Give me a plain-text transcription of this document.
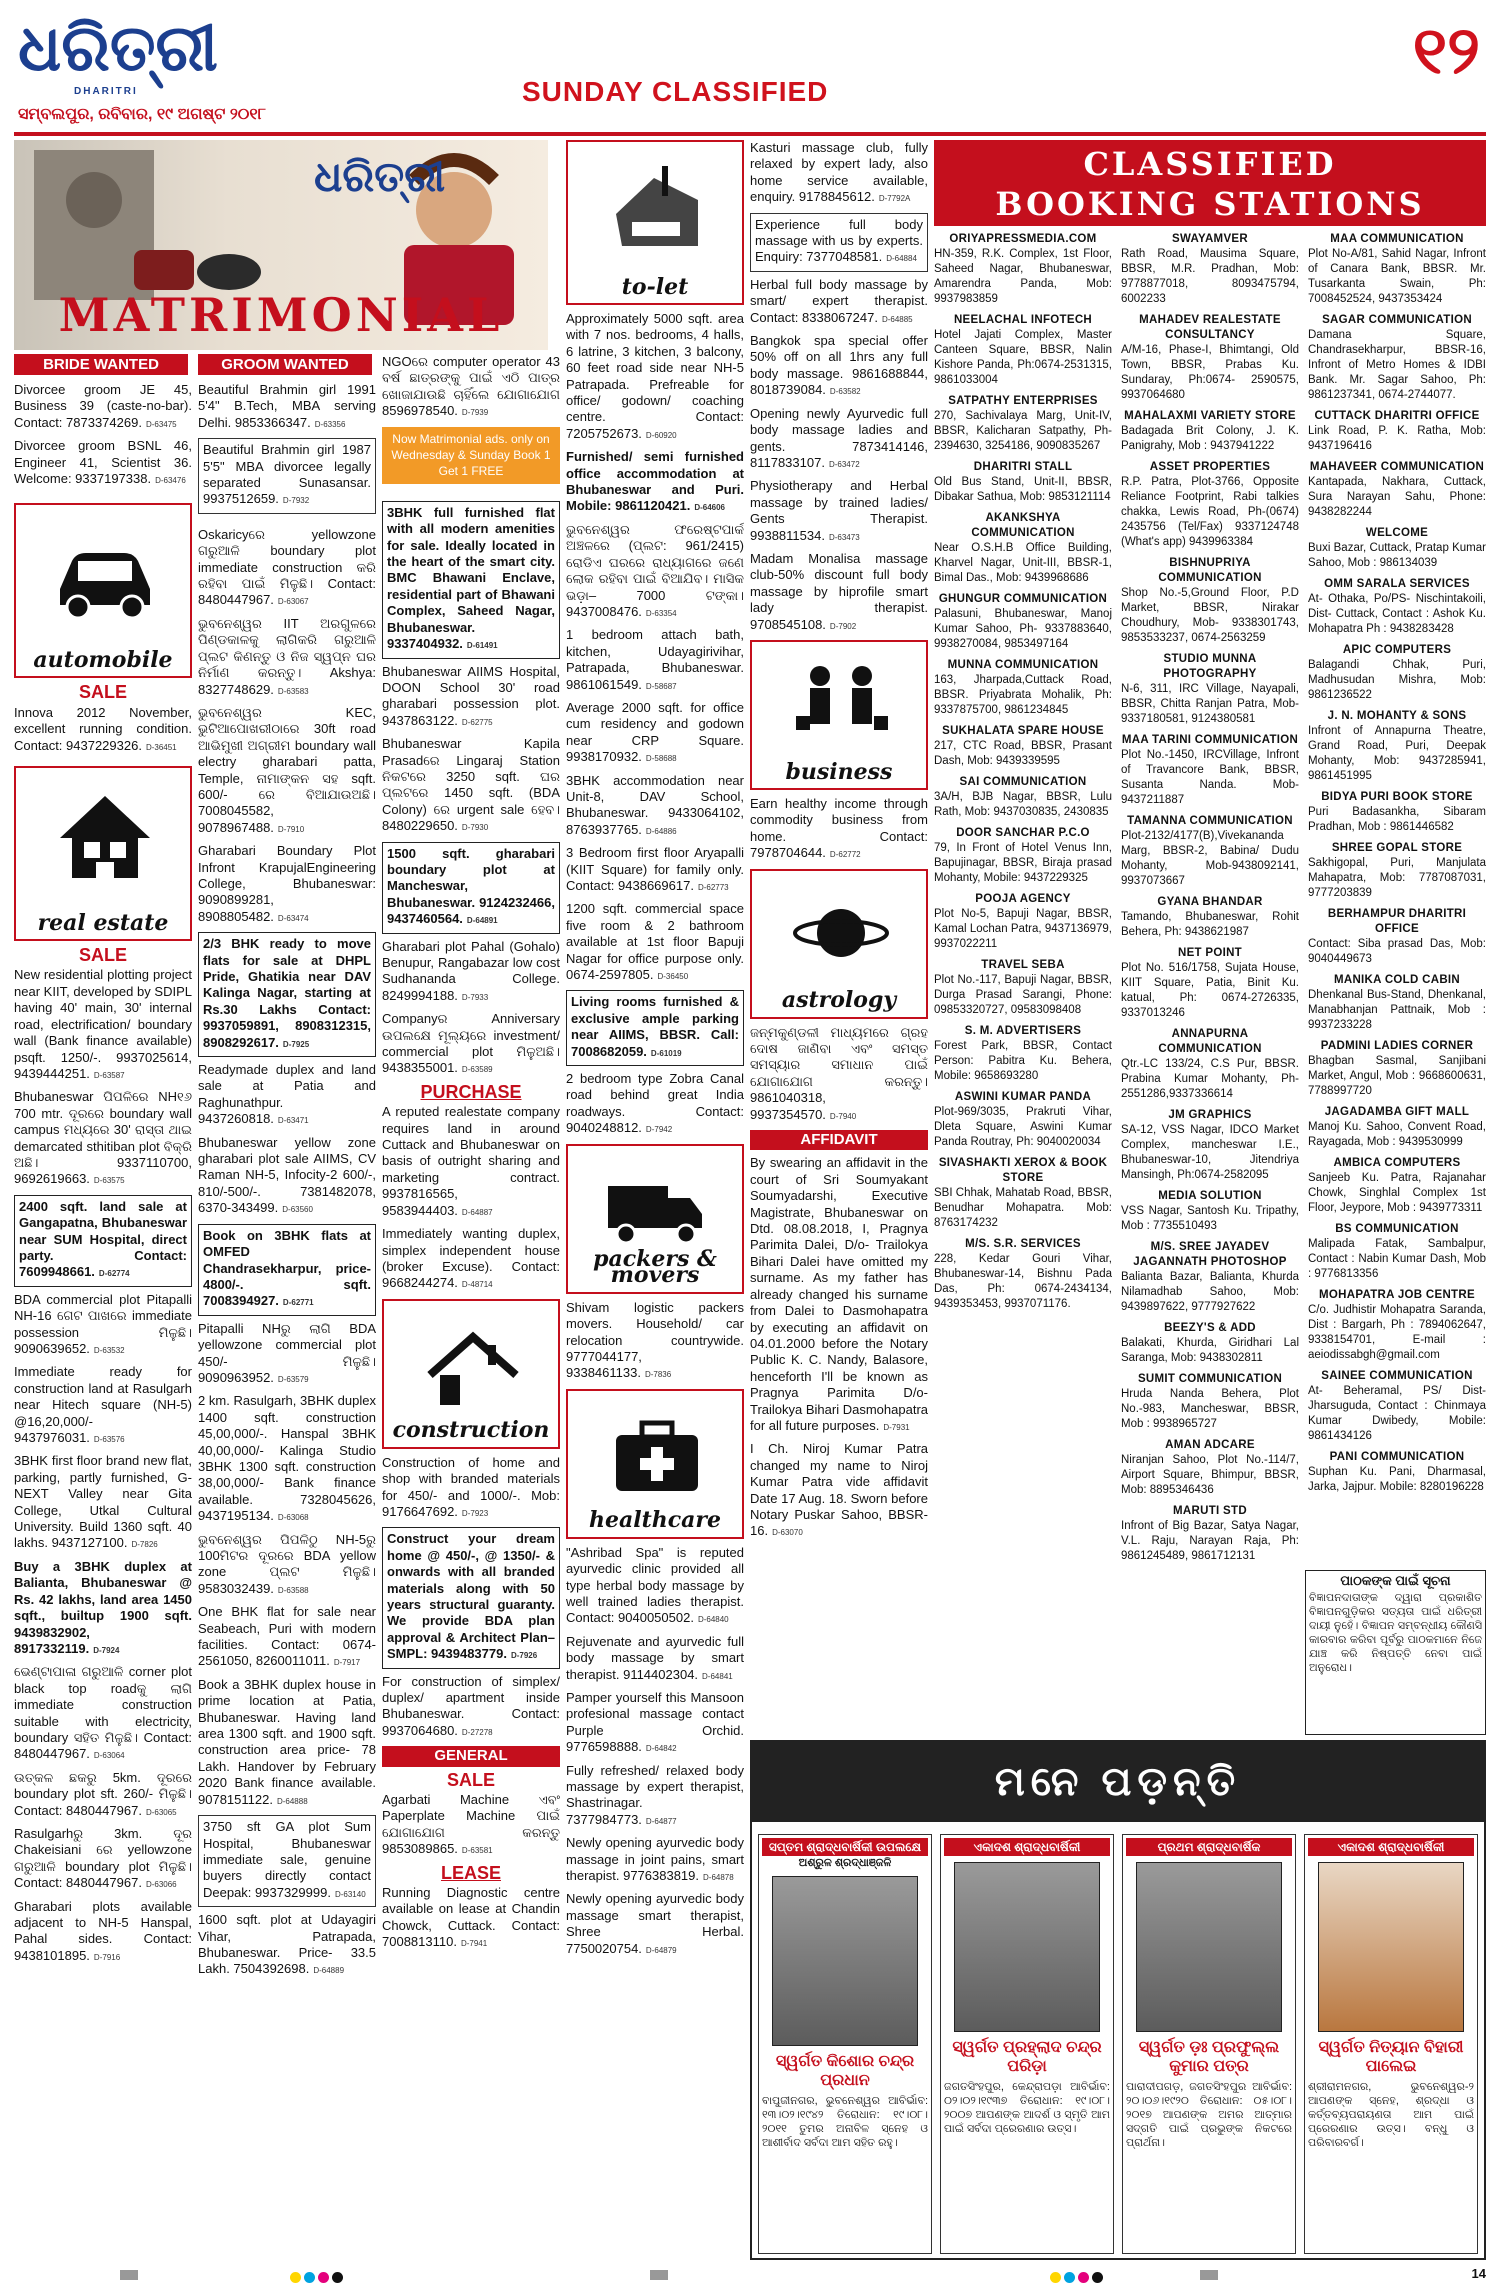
ଧରିତ୍ରୀ
DHARITRI
ସମ୍ବଲପୁର, ରବିବାର, ୧୯ ଅଗଷ୍ଟ ୨୦୧୮
SUNDAY CLASSIFIED
୧୨
ଧରିତ୍ରୀ
MATRIMONIAL
BRIDE WANTED	GROOM WANTED
Divorcee groom JE 45, Business 39 (caste-no-bar). Contact: 7873374269. D-63475
Divorcee groom BSNL 46, Engineer 41, Scientist 36. Welcome: 9337197338. D-63476
automobile
SALE
Innova 2012 November, excellent running condition. Contact: 9437229326. D-36451
real estate
SALE
New residential plotting project near KIIT, developed by SDIPL having 40' main, 30' internal road, electrification/ boundary wall (Bank finance available) psqft. 1250/-. 9937025614, 9439444251. D-63587
Bhubaneswar ପିପଳିରେ NH୧୬ 700 mtr. ଦୂରରେ boundary wall campus ମଧ୍ୟରେ 30' ରାସ୍ତା ଥାଇ demarcated sthitiban plot ବିକ୍ରି ଅଛି। 9337110700, 9692619663. D-63575
2400 sqft. land sale at Gangapatna, Bhubaneswar near SUM Hospital, direct party. Contact: 7609948661. D-62774
BDA commercial plot Pitapalli NH-16 ଗେଟ ପାଖରେ immediate possession ମିଳୁଛି। 9090639652. D-63532
Immediate ready for construction land at Rasulgarh near Hitech square (NH-5) @16,20,000/- 9437976031. D-63576
3BHK first floor brand new flat, parking, partly furnished, G-NEXT Valley near Gita College, Utkal Cultural University. Build 1360 sqft. 40 lakhs. 9437127100. D-7826
Buy a 3BHK duplex at Balianta, Bhubaneswar @ Rs. 42 lakhs, land area 1450 sqft., builtup 1900 sqft. 9439832902, 8917332119. D-7924
ଭେଣ୍ଟାପାଳା ଗରୁଆଳି corner plot black top roadକୁ ଲାଗି immediate construction suitable with electricity, boundary ସହିତ ମିଳୁଛି। Contact: 8480447967. D-63064
ଉତ୍କଳ ଛକରୁ 5km. ଦୂରରେ boundary plot sft. 260/- ମିଳୁଛି। Contact: 8480447967. D-63065
Rasulgarhରୁ 3km. ଦୂର Chakeisiani ରେ yellowzone ଗରୁଆଳି boundary plot ମିଳୁଛି। Contact: 8480447967. D-63066
Gharabari plots available adjacent to NH-5 Hanspal, Pahal sides. Contact: 9438101895. D-7916
Beautiful Brahmin girl 1991 5'4" B.Tech, MBA serving Delhi. 9853366347. D-63356
Beautiful Brahmin girl 1987 5'5" MBA divorcee legally separated Sunasansar. 9937512659. D-7932
Oskaricyରେ yellowzone ଗରୁଆଳି boundary plot immediate construction କରି ରହିବା ପାଇଁ ମିଳୁଛି। Contact: 8480447967. D-63067
ଭୁବନେଶ୍ୱର IIT ଅରଗୁଳରେ ପିଣ୍ଡକାଳକୁ ଲାଗିକରି ଗରୁଆଳି ପ୍ଲଟ କିଣନ୍ତୁ ଓ ନିଜ ସ୍ୱପ୍ନ ଘର ନିର୍ମାଣ କରନ୍ତୁ। Akshya: 8327748629. D-63583
ଭୁବନେଶ୍ୱର KEC, ଭୁଟିଆପୋଖରୀଠାରେ 30ft road ଆଭିମୁଖୀ ଅଗ୍ରୀମ boundary wall electry gharabari patta, Temple, ନାମାଙ୍କନ ସହ sqft. 600/- ରେ ବିଆଯାଉଅଛି। 7008045582, 9078967488. D-7910
Gharabari Boundary Plot Infront KrapujalEngineering College, Bhubaneswar: 9090899281, 8908805482. D-63474
2/3 BHK ready to move flats for sale at DHPL Pride, Ghatikia near DAV Kalinga Nagar, starting at Rs.30 Lakhs Contact: 9937059891, 8908312315, 8908292617. D-7925
Readymade duplex and land sale at Patia and Raghunathpur. 9437260818. D-63471
Bhubaneswar yellow zone gharabari plot sale AIIMS, CV Raman NH-5, Infocity-2 600/-, 810/-500/-. 7381482078, 6370-343499. D-63560
Book on 3BHK flats at OMFED Chandrasekharpur, price- 4800/-. sqft. 7008394927. D-62771
Pitapalli NHରୁ ଲାଗି BDA yellowzone commercial plot 450/- ମିଳୁଛି। 9090963952. D-63579
2 km. Rasulgarh, 3BHK duplex 1400 sqft. construction 45,00,000/-. Hanspal 3BHK 40,00,000/- Kalinga Studio 3BHK 1300 sqft. construction 38,00,000/- Bank finance available. 7328045626, 9437195134. D-63068
ଭୁବନେଶ୍ୱର ପିପଳିଠୁ NH-5ରୁ 100ମିଟର ଦୂରରେ BDA yellow zone ପ୍ଲଟ ମିଳୁଛି। 9583032439. D-63588
One BHK flat for sale near Seabeach, Puri with modern facilities. Contact: 0674-2561050, 8260011011. D-7917
Book a 3BHK duplex house in prime location at Patia, Bhubaneswar. Having land area 1300 sqft. and 1900 sqft. construction area price- 78 Lakh. Handover by February 2020 Bank finance available. 9078151122. D-64888
3750 sft GA plot Sum Hospital, Bhubaneswar immediate sale, genuine buyers directly contact Deepak: 9937329999. D-63140
1600 sqft. plot at Udayagiri Vihar, Patrapada, Bhubaneswar. Price- 33.5 Lakh. 7504392698. D-64889
NGOରେ computer operator 43 ବର୍ଷ ଛାତ୍ରଙ୍କୁ ପାଇଁ ଏଠି ପାତ୍ର ଖୋଜାଯାଉଛି ଚାହିଁଲେ ଯୋଗାଯୋଗ 8596978540. D-7939
Now Matrimonial ads. only on Wednesday & Sunday Book 1 Get 1 FREE
3BHK full furnished flat with all modern amenities for sale. Ideally located in the heart of the smart city. BMC Bhawani Enclave, residential part of Bhawani Complex, Saheed Nagar, Bhubaneswar. 9337404932. D-61491
Bhubaneswar AIIMS Hospital, DOON School 30' road gharabari possession plot. 9437863122. D-62775
Bhubaneswar Kapila Prasadରେ Lingaraj Station ନିକଟରେ 3250 sqft. ଘର ପ୍ଲଟରେ 1450 sqft. (BDA Colony) ରେ urgent sale ହେବ। 8480229650. D-7930
1500 sqft. gharabari boundary plot at Mancheswar, Bhubaneswar. 9124232466, 9437460564. D-64891
Gharabari plot Pahal (Gohalo) Benupur, Rangabazar low cost Sudhananda College. 8249994188. D-7933
Companyର Anniversary ଉପଲକ୍ଷେ ମୂଲ୍ୟରେ investment/ commercial plot ମିଳୁଅଛି। 9438355001. D-63589
PURCHASE
A reputed realestate company requires land in around Cuttack and Bhubaneswar on basis of outright sharing and marketing contract. 9937816565, 9583944403. D-64887
Immediately wanting duplex, simplex independent house (broker Excuse). Contact: 9668244274. D-48714
construction
Construction of home and shop with branded materials for 450/- and 1000/-. Mob: 9176647692. D-7923
Construct your dream home @ 450/-, @ 1350/- & onwards with all branded materials along with 50 years structural guaranty. We provide BDA plan approval & Architect Plan– SMPL: 9439483779. D-7926
For construction of simplex/ duplex/ apartment inside Bhubaneswar. Contact: 9937064680. D-27278
GENERAL
SALE
Agarbati Machine ଏବଂ Paperplate Machine ପାଇଁ ଯୋଗାଯୋଗ କରନ୍ତୁ 9853089865. D-63581
LEASE
Running Diagnostic centre available on lease at Chandin Chowck, Cuttack. Contact: 7008813110. D-7941
to-let
Approximately 5000 sqft. area with 7 nos. bedrooms, 4 halls, 6 latrine, 3 kitchen, 3 balcony, 60 feet road side near NH-5 Patrapada. Prefreable for office/ godown/ coaching centre. Contact: 7205752673. D-60920
Furnished/ semi furnished office accommodation at Bhubaneswar and Puri. Mobile: 9861120421. D-64606
ଭୁବନେଶ୍ୱର ଫରେଷ୍ଟପାର୍କ ଅଞ୍ଚଳରେ (ପ୍ଲଟ: 961/2415) ରୋଡିଏ ଘରରେ ରାଧ୍ୟାଗରେ ଜଣେ ଲୋକ ରହିବା ପାଇଁ ବିଆଯିବ। ମାସିକ ଭଡ଼ା– 7000 ଟଙ୍କା। 9437008476. D-63354
1 bedroom attach bath, kitchen, Udayagirivihar, Patrapada, Bhubaneswar. 9861061549. D-58687
Average 2000 sqft. for office cum residency and godown near CRP Square. 9938170932. D-58688
3BHK accommodation near Unit-8, DAV School, Bhubaneswar. 9433064102, 8763937765. D-64886
3 Bedroom first floor Aryapalli (KIIT Square) for family only. Contact: 9438669617. D-62773
1200 sqft. commercial space five room & 2 bathroom available at 1st floor Bapuji Nagar for office purpose only. 0674-2597805. D-36450
Living rooms furnished & exclusive ample parking near AIIMS, BBSR. Call: 7008682059. D-61019
2 bedroom type Zobra Canal road behind great India roadways. Contact: 9040248812. D-7942
packers & movers
Shivam logistic packers movers. Household/ car relocation countrywide. 9777044177, 9338461133. D-7836
healthcare
"Ashribad Spa" is reputed ayurvedic clinic provided all type herbal body massage by well trained ladies therapist. Contact: 9040050502. D-64840
Rejuvenate and ayurvedic full body massage by smart therapist. 9114402304. D-64841
Pamper yourself this Mansoon profesional massage contact Purple Orchid. 9776598888. D-64842
Fully refreshed/ relaxed body massage by expert therapist, Shastrinagar. 7377984773. D-64877
Newly opening ayurvedic body massage in joint pains, smart therapist. 9776383819. D-64878
Newly opening ayurvedic body massage smart therapist, Shree Herbal. 7750020754. D-64879
Kasturi massage club, fully relaxed by expert lady, also home service available, enquiry. 9178845612. D-7792A
Experience full body massage with us by experts. Enquiry: 7377048581. D-64884
Herbal full body massage by smart/ expert therapist. Contact: 8338067247. D-64885
Bangkok spa special offer 50% off on all 1hrs any full body massage. 9861688844, 8018739084. D-63582
Opening newly Ayurvedic full body massage ladies and gents. 7873414146, 8117833107. D-63472
Physiotherapy and Herbal massage by trained ladies/ Gents Therapist. 9938811534. D-63473
Madam Monalisa massage club-50% discount full body massage by hiprofile smart lady therapist. 9708545108. D-7902
business
Earn healthy income through commodity business from home. Contact: 7978704644. D-62772
astrology
ଜନ୍ମକୁଣ୍ଡଳୀ ମାଧ୍ୟମରେ ଗ୍ରହ ଦୋଷ ଜାଣିବା ଏବଂ ସମସ୍ତ ସମସ୍ୟାର ସମାଧାନ ପାଇଁ ଯୋଗାଯୋଗ କରନ୍ତୁ। 9861040318, 9937354570. D-7940
AFFIDAVIT
By swearing an affidavit in the court of Sri Soumyakant Soumyadarshi, Executive Magistrate, Bhubaneswar on Dtd. 08.08.2018, I, Pragnya Parimita Dalei, D/o- Trailokya Bihari Dalei have omitted my surname. As my father has already changed his surname from Dalei to Dasmohapatra by executing an affidavit on 04.01.2000 before the Notary Public K. C. Nandy, Balasore, henceforth I'll be known as Pragnya Parimita D/o- Trailokya Bihari Dasmohapatra for all future purposes. D-7931
I Ch. Niroj Kumar Patra changed my name to Niroj Kumar Patra vide affidavit Date 17 Aug. 18. Sworn before Notary Puskar Sahoo, BBSR-16. D-63070
CLASSIFIED
BOOKING STATIONS
ORIYAPRESSMEDIA.COM
HN-359, R.K. Complex, 1st Floor, Saheed Nagar, Bhubaneswar, Amarendra Panda, Mob: 9937983859
NEELACHAL INFOTECH
Hotel Jajati Complex, Master Canteen Square, BBSR, Nalin Kishore Panda, Ph:0674-2531315, 9861033004
SATPATHY ENTERPRISES
270, Sachivalaya Marg, Unit-IV, BBSR, Kalicharan Satpathy, Ph- 2394630, 3254186, 9090835267
DHARITRI STALL
Old Bus Stand, Unit-II, BBSR, Dibakar Sathua, Mob: 9853121114
AKANKSHYA COMMUNICATION
Near O.S.H.B Office Building, Kharvel Nagar, Unit-III, BBSR-1, Bimal Das., Mob: 9439968686
GHUNGUR COMMUNICATION
Palasuni, Bhubaneswar, Manoj Kumar Sahoo, Ph- 9337883640, 9938270084, 9853497164
MUNNA COMMUNICATION
163, Jharpada,Cuttack Road, BBSR. Priyabrata Mohalik, Ph: 9337875700, 9861234845
SUKHALATA SPARE HOUSE
217, CTC Road, BBSR, Prasant Dash, Mob: 9439339595
SAI COMMUNICATION
3A/H, BJB Nagar, BBSR, Lulu Rath, Mob: 9437030835, 2430835
DOOR SANCHAR P.C.O
79, In Front of Hotel Venus Inn, Bapujinagar, BBSR, Biraja prasad Mohanty, Mobile: 9437229325
POOJA AGENCY
Plot No-5, Bapuji Nagar, BBSR, Kamal Lochan Patra, 9437136979, 9937022211
TRAVEL SEBA
Plot No.-117, Bapuji Nagar, BBSR, Durga Prasad Sarangi, Phone: 09853320727, 09583098408
S. M. ADVERTISERS
Forest Park, BBSR, Contact Person: Pabitra Ku. Behera, Mobile: 9658693280
ASWINI KUMAR PANDA
Plot-969/3035, Prakruti Vihar, Dleta Square, Aswini Kumar Panda Routray, Ph: 9040020034
SIVASHAKTI XEROX & BOOK STORE
SBI Chhak, Mahatab Road, BBSR, Benudhar Mohapatra. Mob: 8763174232
M/S. S.R. SERVICES
228, Kedar Gouri Vihar, Bhubaneswar-14, Bishnu Pada Das, Ph: 0674-2434134, 9439353453, 9937071176.
SWAYAMVER
Rath Road, Mausima Square, BBSR, M.R. Pradhan, Mob: 9778877018, 8093475794, 6002233
MAHADEV REALESTATE CONSULTANCY
A/M-16, Phase-I, Bhimtangi, Old Town, BBSR, Prabas Ku. Sundaray, Ph:0674- 2590575, 9937064680
MAHALAXMI VARIETY STORE
Badagada Brit Colony, J. K. Panigrahy, Mob : 9437941222
ASSET PROPERTIES
R.P. Patra, Plot-3766, Opposite Reliance Footprint, Rabi talkies chakka, Lewis Road, Ph-(0674) 2435756 (Tel/Fax) 9337124748 (What's app) 9439963384
BISHNUPRIYA COMMUNICATION
Shop No.-5,Ground Floor, P.D Market, BBSR, Nirakar Choudhury, Mob- 9338301743, 9853533237, 0674-2563259
STUDIO MUNNA PHOTOGRAPHY
N-6, 311, IRC Village, Nayapali, BBSR, Chitta Ranjan Patra, Mob-9337180581, 9124380581
MAA TARINI COMMUNICATION
Plot No.-1450, IRCVillage, Infront of Travancore Bank, BBSR, Susanta Nanda. Mob- 9437211887
TAMANNA COMMUNICATION
Plot-2132/4177(B),Vivekananda Marg, BBSR-2, Babina/ Dudu Mohanty, Mob-9438092141, 9937073667
GYANA BHANDAR
Tamando, Bhubaneswar, Rohit Behera, Ph: 9438621987
NET POINT
Plot No. 516/1758, Sujata House, KIIT Square, Patia, Binit Ku. katual, Ph: 0674-2726335, 9337013246
ANNAPURNA COMMUNICATION
Qtr.-LC 133/24, C.S Pur, BBSR. Prabina Kumar Mohanty, Ph- 2551286,9337336614
JM GRAPHICS
SA-12, VSS Nagar, IDCO Market Complex, mancheswar I.E., Bhubaneswar-10, Jitendriya Mansingh, Ph:0674-2582095
MEDIA SOLUTION
VSS Nagar, Santosh Ku. Tripathy, Mob : 7735510493
M/S. SREE JAYADEV JAGANNATH PHOTOSHOP
Balianta Bazar, Balianta, Khurda Nilamadhab Sahoo, Mob: 9439897622, 9777927622
BEEZY'S & ADD
Balakati, Khurda, Giridhari Lal Saranga, Mob: 9438302811
SUMIT COMMUNICATION
Hruda Nanda Behera, Plot No.-983, Mancheswar, BBSR, Mob : 9938965727
AMAN ADCARE
Niranjan Sahoo, Plot No.-114/7, Airport Square, Bhimpur, BBSR, Mob: 8895346436
MARUTI STD
Infront of Big Bazar, Satya Nagar, V.L. Raju, Narayan Raja, Ph: 9861245489, 9861712131
MAA COMMUNICATION
Plot No-A/81, Sahid Nagar, Infront of Canara Bank, BBSR. Mr. Tusarkanta Swain, Ph: 7008452524, 9437353424
SAGAR COMMUNICATION
Damana Square, Chandrasekharpur, BBSR-16, Infront of Metro Homes & IDBI Bank. Mr. Sagar Sahoo, Ph: 9861237341, 0674-2744077.
CUTTACK DHARITRI OFFICE
Link Road, P. K. Ratha, Mob: 9437196416
MAHAVEER COMMUNICATION
Kantapada, Nakhara, Cuttack, Sura Narayan Sahu, Phone: 9438282244
WELCOME
Buxi Bazar, Cuttack, Pratap Kumar Sahoo, Mob : 986134039
OMM SARALA SERVICES
At- Othaka, Po/PS- Nischintakoili, Dist- Cuttack, Contact : Ashok Ku. Mohapatra Ph : 9438283428
APIC COMPUTERS
Balagandi Chhak, Puri, Madhusudan Mishra, Mob: 9861236522
J. N. MOHANTY & SONS
Infront of Annapurna Theatre, Grand Road, Puri, Deepak Mohanty, Mob: 9437285941, 9861451995
BIDYA PURI BOOK STORE
Puri Badasankha, Sibaram Pradhan, Mob : 9861446582
SHREE GOPAL STORE
Sakhigopal, Puri, Manjulata Mahapatra, Mob: 7787087031, 9777203839
BERHAMPUR DHARITRI OFFICE
Contact: Siba prasad Das, Mob: 9040449673
MANIKA COLD CABIN
Dhenkanal Bus-Stand, Dhenkanal, Manabhanjan Pattnaik, Mob : 9937233228
PADMINI LADIES CORNER
Bhagban Sasmal, Sanjibani Market, Angul, Mob : 9668600631, 7788997720
JAGADAMBA GIFT MALL
Manoj Ku. Sahoo, Convent Road, Rayagada, Mob : 9439530999
AMBICA COMPUTERS
Sanjeeb Ku. Patra, Rajanahar Chowk, Singhlal Complex 1st Floor, Jeypore, Mob : 9439773311
BS COMMUNICATION
Malipada Fatak, Sambalpur, Contact : Nabin Kumar Dash, Mob : 9776813356
MOHAPATRA JOB CENTRE
C/o. Judhistir Mohapatra Saranda, Dist : Bargarh, Ph : 7894062647, 9338154701, E-mail : aeiodissabgh@gmail.com
SAINEE COMMUNICATION
At- Beheramal, PS/ Dist- Jharsuguda, Contact : Chinmaya Kumar Dwibedy, Mobile: 9861434126
PANI COMMUNICATION
Suphan Ku. Pani, Dharmasal, Jarka, Jajpur. Mobile: 8280196228
ପାଠକଙ୍କ ପାଇଁ ସୂଚନା
ବିଜ୍ଞାପନଦାତାଙ୍କ ଦ୍ୱାରା ପ୍ରକାଶିତ ବିଜ୍ଞାପନଗୁଡ଼ିକର ସତ୍ୟତା ପାଇଁ ଧରିତ୍ରୀ ଦାୟୀ ନୁହେଁ। ବିଜ୍ଞାପନ ସମ୍ବନ୍ଧୀୟ କୌଣସି କାରବାର କରିବା ପୂର୍ବରୁ ପାଠକମାନେ ନିଜେ ଯାଞ୍ଚ କରି ନିଷ୍ପତ୍ତି ନେବା ପାଇଁ ଅନୁରୋଧ।
ମନେ ପଡ଼ନ୍ତି
ସପ୍ତମ ଶ୍ରାଦ୍ଧବାର୍ଷିକୀ ଉପଲକ୍ଷେ
ଅଶ୍ରୁଳ ଶ୍ରଦ୍ଧାଞ୍ଜଳି
ସ୍ୱର୍ଗତ କିଶୋର ଚନ୍ଦ୍ର ପ୍ରଧାନ
ବାପୁଜୀନଗର, ଭୁବନେଶ୍ୱର ଆବିର୍ଭାବ: ୧୩।୦୨।୧୯୪୨ ତିରୋଧାନ: ୧୯।୦୮।୨୦୧୧ ତୁମର ଅନାବିଳ ସ୍ନେହ ଓ ଆଶୀର୍ବାଦ ସର୍ବଦା ଆମ ସହିତ ରହୁ।
ଏକାଦଶ ଶ୍ରାଦ୍ଧବାର୍ଷିକୀ
ସ୍ୱର୍ଗତ ପ୍ରହ୍ଲାଦ ଚନ୍ଦ୍ର ପରିଡ଼ା
ଜଗତସିଂହପୁର, କେନ୍ଦ୍ରାପଡ଼ା ଆବିର୍ଭାବ: ୦୨।୦୨।୧୯୩୭ ତିରୋଧାନ: ୧୯।୦୮।୨୦୦୭ ଆପଣଙ୍କ ଆଦର୍ଶ ଓ ସ୍ମୃତି ଆମ ପାଇଁ ସର୍ବଦା ପ୍ରେରଣାର ଉତ୍ସ।
ପ୍ରଥମ ଶ୍ରାଦ୍ଧବାର୍ଷିକ
ସ୍ୱର୍ଗତ ଡ଼ଃ ପ୍ରଫୁଲ୍ଲ କୁମାର ପତ୍ର
ପାରାଦୀପଗଡ଼, ଜଗତସିଂହପୁର ଆବିର୍ଭାବ: ୨୦।୦୬।୧୯୨୦ ତିରୋଧାନ: ୦୫।୦୮।୨୦୧୭ ଆପଣଙ୍କ ଅମର ଆତ୍ମାର ସଦ୍‌ଗତି ପାଇଁ ପ୍ରଭୁଙ୍କ ନିକଟରେ ପ୍ରାର୍ଥନା।
ଏକାଦଶ ଶ୍ରାଦ୍ଧବାର୍ଷିକୀ
ସ୍ୱର୍ଗତ ନିତ୍ୟାନ ବିହାରୀ ପାଲେଇ
ଶ୍ରୀରାମନଗର, ଭୁବନେଶ୍ୱର-୨ ଆପଣଙ୍କ ସ୍ନେହ, ଶ୍ରଦ୍ଧା ଓ କର୍ତ୍ତବ୍ୟପରାୟଣତା ଆମ ପାଇଁ ପ୍ରେରଣାର ଉତ୍ସ। ବନ୍ଧୁ ଓ ପରିବାରବର୍ଗ।
14
